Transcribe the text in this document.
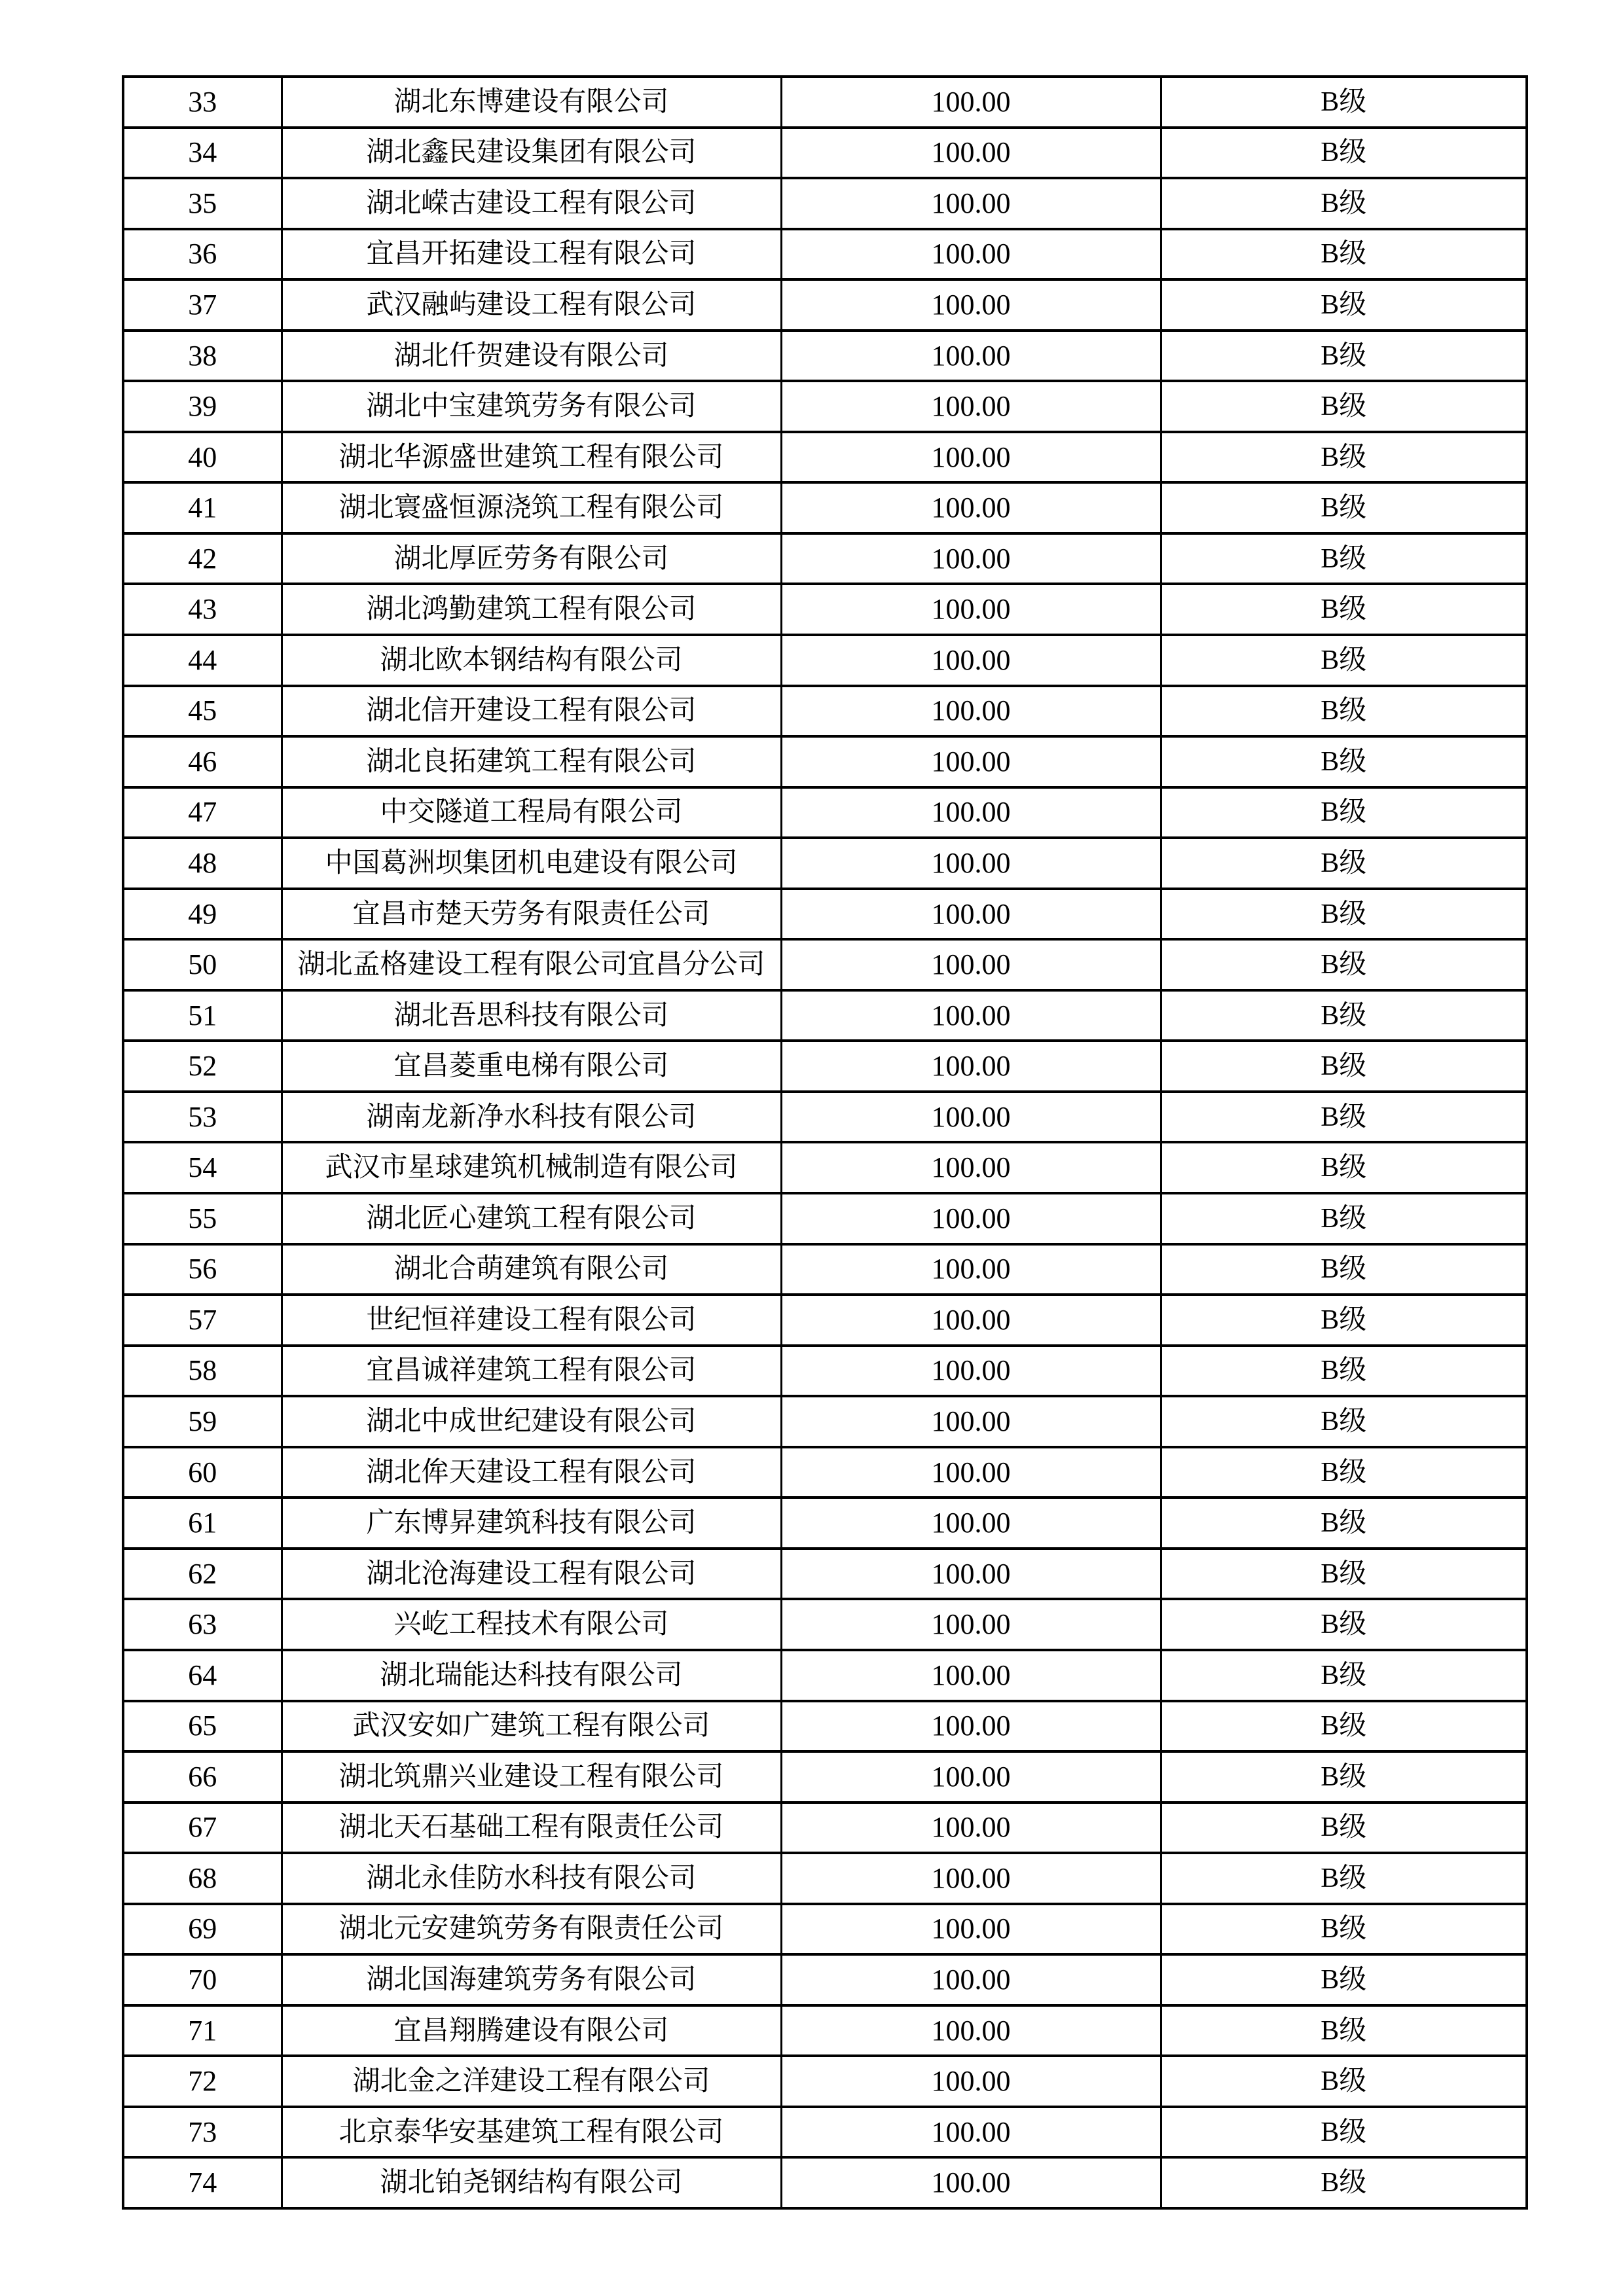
33	湖北东博建设有限公司	100.00	B级
34	湖北鑫民建设集团有限公司	100.00	B级
35	湖北嵘古建设工程有限公司	100.00	B级
36	宜昌开拓建设工程有限公司	100.00	B级
37	武汉融屿建设工程有限公司	100.00	B级
38	湖北仟贺建设有限公司	100.00	B级
39	湖北中宝建筑劳务有限公司	100.00	B级
40	湖北华源盛世建筑工程有限公司	100.00	B级
41	湖北寰盛恒源浇筑工程有限公司	100.00	B级
42	湖北厚匠劳务有限公司	100.00	B级
43	湖北鸿勤建筑工程有限公司	100.00	B级
44	湖北欧本钢结构有限公司	100.00	B级
45	湖北信开建设工程有限公司	100.00	B级
46	湖北良拓建筑工程有限公司	100.00	B级
47	中交隧道工程局有限公司	100.00	B级
48	中国葛洲坝集团机电建设有限公司	100.00	B级
49	宜昌市楚天劳务有限责任公司	100.00	B级
50	湖北孟格建设工程有限公司宜昌分公司	100.00	B级
51	湖北吾思科技有限公司	100.00	B级
52	宜昌菱重电梯有限公司	100.00	B级
53	湖南龙新净水科技有限公司	100.00	B级
54	武汉市星球建筑机械制造有限公司	100.00	B级
55	湖北匠心建筑工程有限公司	100.00	B级
56	湖北合萌建筑有限公司	100.00	B级
57	世纪恒祥建设工程有限公司	100.00	B级
58	宜昌诚祥建筑工程有限公司	100.00	B级
59	湖北中成世纪建设有限公司	100.00	B级
60	湖北侔天建设工程有限公司	100.00	B级
61	广东博昇建筑科技有限公司	100.00	B级
62	湖北沧海建设工程有限公司	100.00	B级
63	兴屹工程技术有限公司	100.00	B级
64	湖北瑞能达科技有限公司	100.00	B级
65	武汉安如广建筑工程有限公司	100.00	B级
66	湖北筑鼎兴业建设工程有限公司	100.00	B级
67	湖北天石基础工程有限责任公司	100.00	B级
68	湖北永佳防水科技有限公司	100.00	B级
69	湖北元安建筑劳务有限责任公司	100.00	B级
70	湖北国海建筑劳务有限公司	100.00	B级
71	宜昌翔腾建设有限公司	100.00	B级
72	湖北金之洋建设工程有限公司	100.00	B级
73	北京泰华安基建筑工程有限公司	100.00	B级
74	湖北铂尧钢结构有限公司	100.00	B级
